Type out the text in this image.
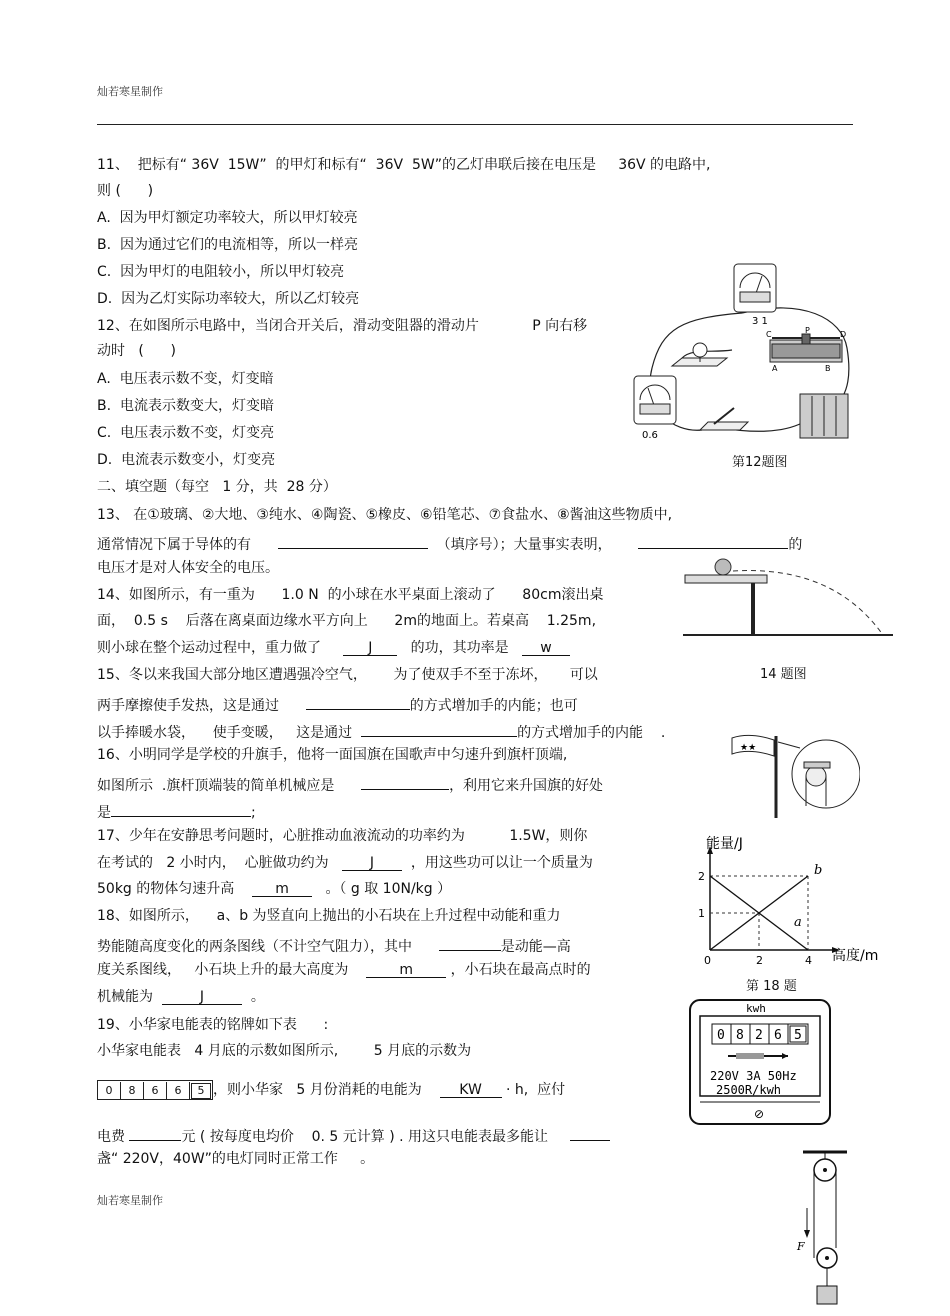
灿若寒星制作
11、  把标有“ 36V  15W”  的甲灯和标有“  36V  5W”的乙灯串联后接在电压是     36V 的电路中,
则 (      )
A.  因为甲灯额定功率较大，所以甲灯较亮
B.  因为通过它们的电流相等，所以一样亮
C.  因为甲灯的电阻较小，所以甲灯较亮
D.  因为乙灯实际功率较大，所以乙灯较亮
12、在如图所示电路中，当闭合开关后，滑动变阻器的滑动片            P 向右移
动时   (      )
A.  电压表示数不变，灯变暗
B.  电流表示数变大，灯变暗
C.  电压表示数不变，灯变亮
D.  电流表示数变小，灯变亮
3 1
P	D
A	B
C
0.6
第12题图
二、填空题（每空   1 分，共  28 分）
13、 在①玻璃、②大地、③纯水、④陶瓷、⑤橡皮、⑥铅笔芯、⑦食盐水、⑧酱油这些物质中,
通常情况下属于导体的有	（填序号）；大量事实表明，	的
电压才是对人体安全的电压。
14、如图所示，有一重为      1.0 N  的小球在水平桌面上滚动了      80cm滚出桌
面，  0.5 s    后落在离桌面边缘水平方向上      2m的地面上。若桌高    1.25m,
则小球在整个运动过程中，重力做了	J	的功，其功率是 w
14 题图
15、冬以来我国大部分地区遭遇强冷空气，      为了使双手不至于冻坏，     可以
两手摩擦使手发热，这是通过	的方式增加手的内能；也可
以手捧暖水袋，    使手变暖，   这是通过	的方式增加手的内能    .
16、小明同学是学校的升旗手，他将一面国旗在国歌声中匀速升到旗杆顶端,
如图所示  .旗杆顶端装的简单机械应是	，利用它来升国旗的好处
是	;
★★
17、少年在安静思考问题时，心脏推动血液流动的功率约为          1.5W，则你
在考试的   2 小时内，  心脏做功约为	J	，用这些功可以让一个质量为
50kg 的物体匀速升高	m	。（ g 取 10N/kg ）
能量/J
高度/m
2
1
0	2	4
b
a
第 18 题
18、如图所示，    a、b 为竖直向上抛出的小石块在上升过程中动能和重力
势能随高度变化的两条图线（不计空气阻力），其中	是动能—高
度关系图线，   小石块上升的最大高度为	m	，小石块在最高点时的
机械能为	J	。
19、小华家电能表的铭牌如下表      :
小华家电能表   4 月底的示数如图所示,        5 月底的示数为
0 8 6 6 5 ，则小华家   5 月份消耗的电能为	KW · h,  应付
电费	元 ( 按每度电均价    0. 5 元计算 ) . 用这只电能表最多能让
盏“ 220V，40W”的电灯同时正常工作     。
kwh
0 8 2 6 5
220V 3A 50Hz
2500R/kwh
⊘
F
灿若寒星制作
